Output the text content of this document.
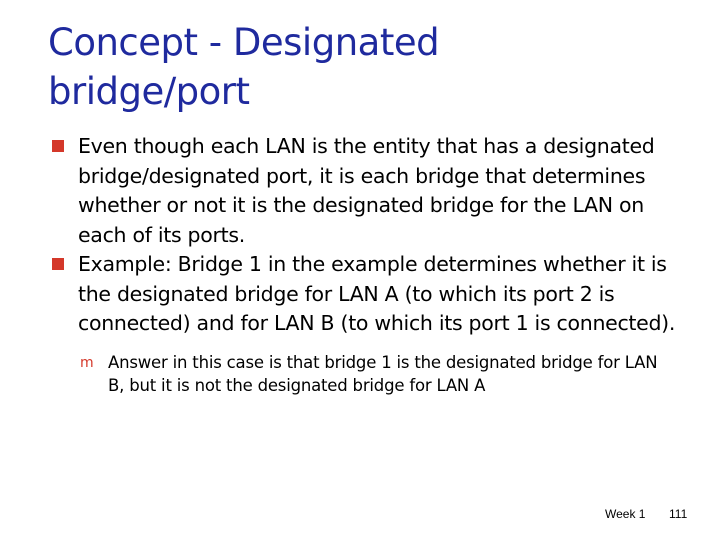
Concept - Designated
bridge/port
Even though each LAN is the entity that has a designated bridge/designated port, it is each bridge that determines whether or not it is the designated bridge for the LAN on each of its ports.
Example: Bridge 1 in the example determines whether it is the designated bridge for LAN A (to which its port 2 is connected) and for LAN B (to which its port 1 is connected).
m Answer in this case is that bridge 1 is the designated bridge for LAN B, but it is not the designated bridge for LAN A
Week 1 111
